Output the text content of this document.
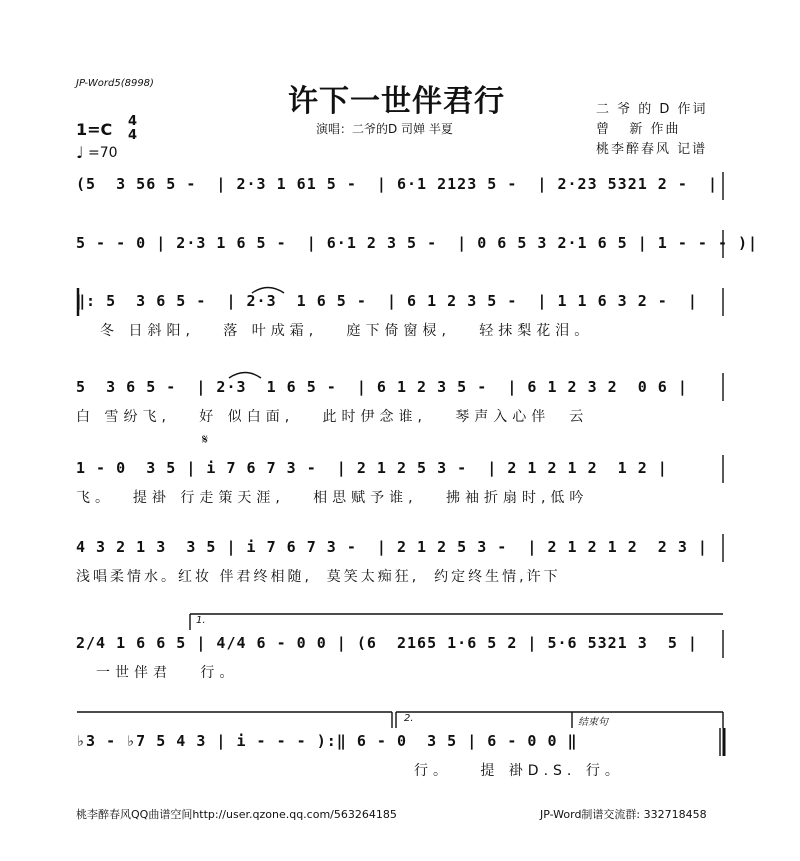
JP-Word5(8998)
许下一世伴君行
演唱：二爷的D 司婵 半夏
二 爷 的 D 作词
曾   新 作曲
桃李醉春风 记谱
1=C 4
4
♩ =70
(5  3 56 5 -  | 2·3 1 61 5 -  | 6·1 2123 5 -  | 2·23 5321 2 -  |
5 - - 0 | 2·3 1 6 5 -  | 6·1 2 3 5 -  | 0 6 5 3 2·1 6 5 | 1 - - - )|
‖: 5  3 6 5 -  | 2·3  1 6 5 -  | 6 1 2 3 5 -  | 1 1 6 3 2 -  |
冬 日斜阳,   落 叶成霜,   庭下倚窗棂,   轻抹梨花泪。
5  3 6 5 -  | 2·3  1 6 5 -  | 6 1 2 3 5 -  | 6 1 2 3 2  0 6 |
白 雪纷飞,   好 似白面,   此时伊念谁,   琴声入心伴  云
𝄋
1 - 0  3 5 | i 7 6 7 3 -  | 2 1 2 5 3 -  | 2 1 2 1 2  1 2 |
飞。  提褂 行走策天涯,   相思赋予谁,   拂袖折扇时,低吟
4 3 2 1 3  3 5 | i 7 6 7 3 -  | 2 1 2 5 3 -  | 2 1 2 1 2  2 3 |
浅唱柔情水。红妆 伴君终相随,  莫笑太痴狂,  约定终生情,许下
1.
2/4 1 6 6 5 | 4/4 6 - 0 0 | (6  2165 1·6 5 2 | 5·6 5321 3  5 |
一世伴君   行。
2.	结束句
♭3 - ♭7 5 4 3 | i - - - ):‖ 6 - 0  3 5 | 6 - 0 0 ‖
行。   提 褂D.S. 行。
桃李醉春风QQ曲谱空间http://user.qzone.qq.com/563264185	JP-Word制谱交流群: 332718458
